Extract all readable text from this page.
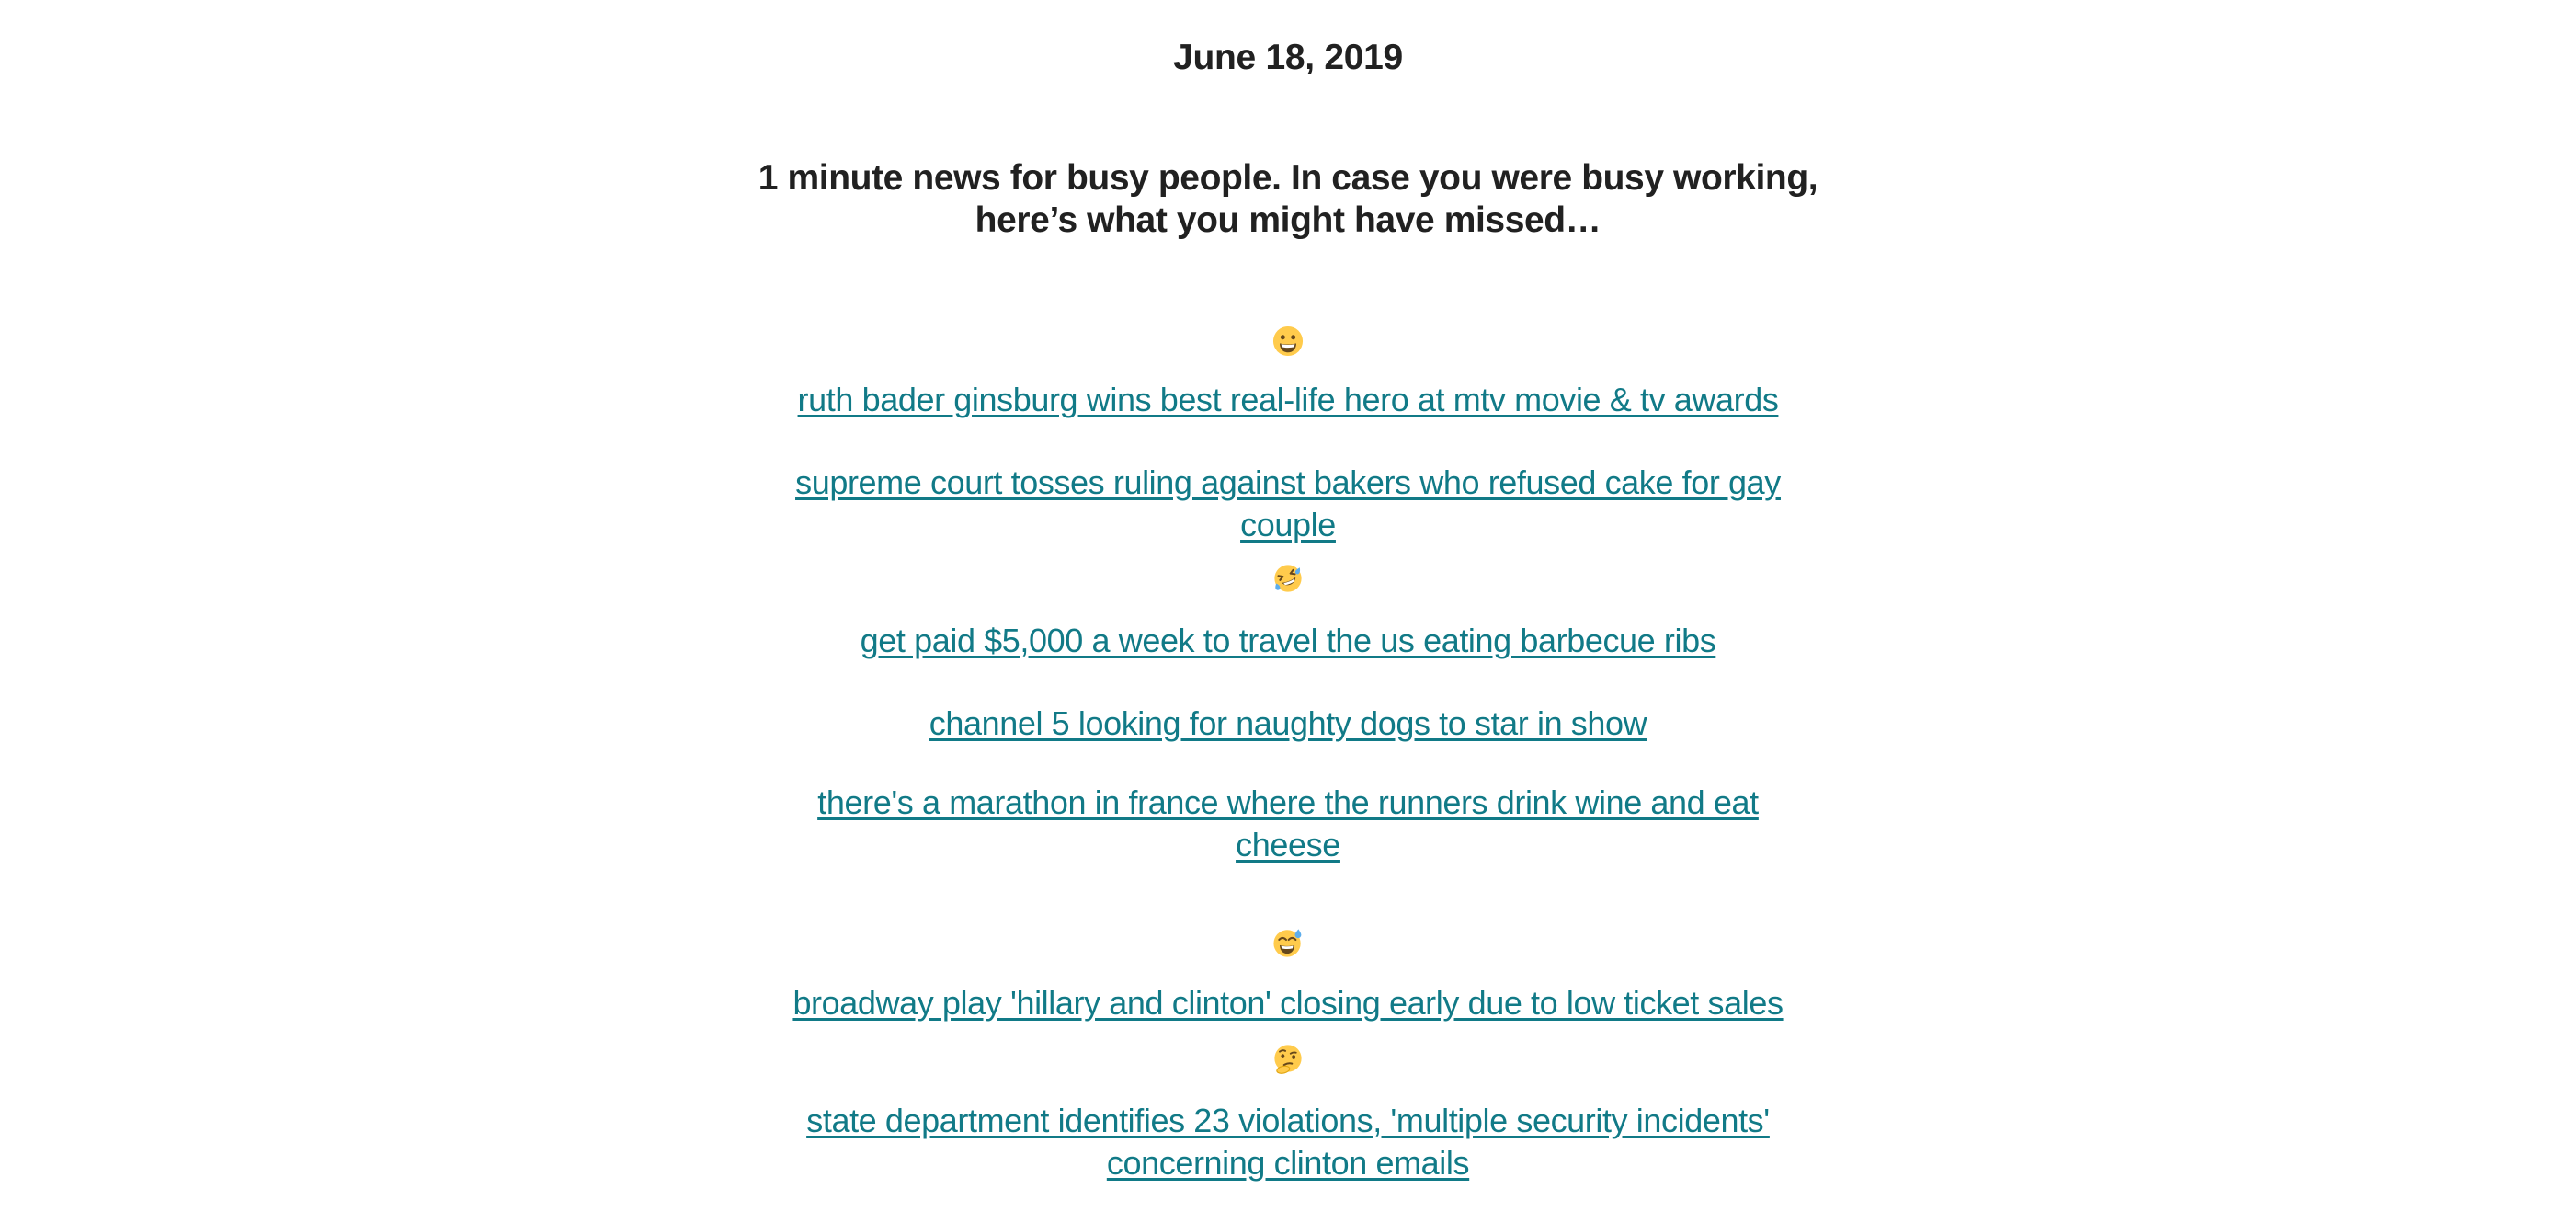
June 18, 2019

1 minute news for busy people. In case you were busy working,
here’s what you might have missed…

ruth bader ginsburg wins best real-life hero at mtv movie & tv awards
supreme court tosses ruling against bakers who refused cake for gay
couple
get paid $5,000 a week to travel the us eating barbecue ribs
channel 5 looking for naughty dogs to star in show
there's a marathon in france where the runners drink wine and eat
cheese
broadway play 'hillary and clinton' closing early due to low ticket sales
state department identifies 23 violations, 'multiple security incidents'
concerning clinton emails
